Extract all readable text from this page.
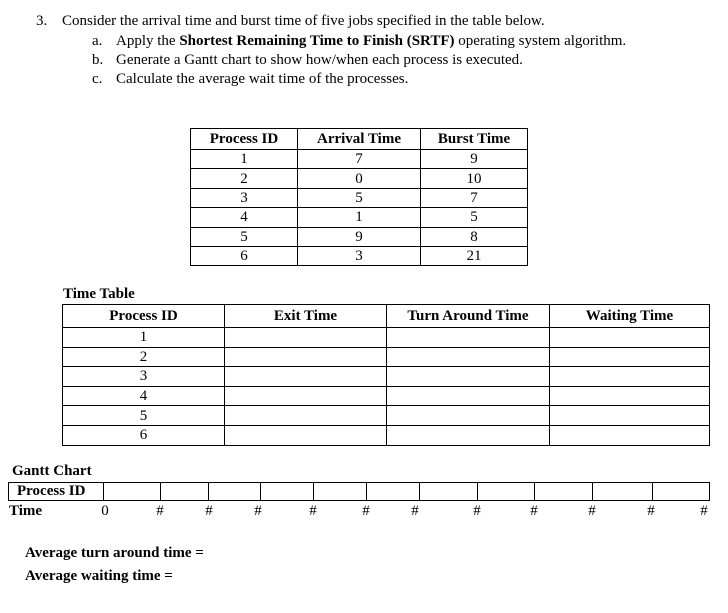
3. Consider the arrival time and burst time of five jobs specified in the table below.
a. Apply the Shortest Remaining Time to Finish (SRTF) operating system algorithm.
b. Generate a Gantt chart to show how/when each process is executed.
c. Calculate the average wait time of the processes.
Process ID	Arrival Time	Burst Time
1	7	9
2	0	10
3	5	7
4	1	5
5	9	8
6	3	21
Time Table
Process ID	Exit Time	Turn Around Time	Waiting Time
1			
2			
3			
4			
5			
6			
Gantt Chart
Process ID
Time	0	#	#	#	#	#	#	#	#	#	#	#
Average turn around time =
Average waiting time =
